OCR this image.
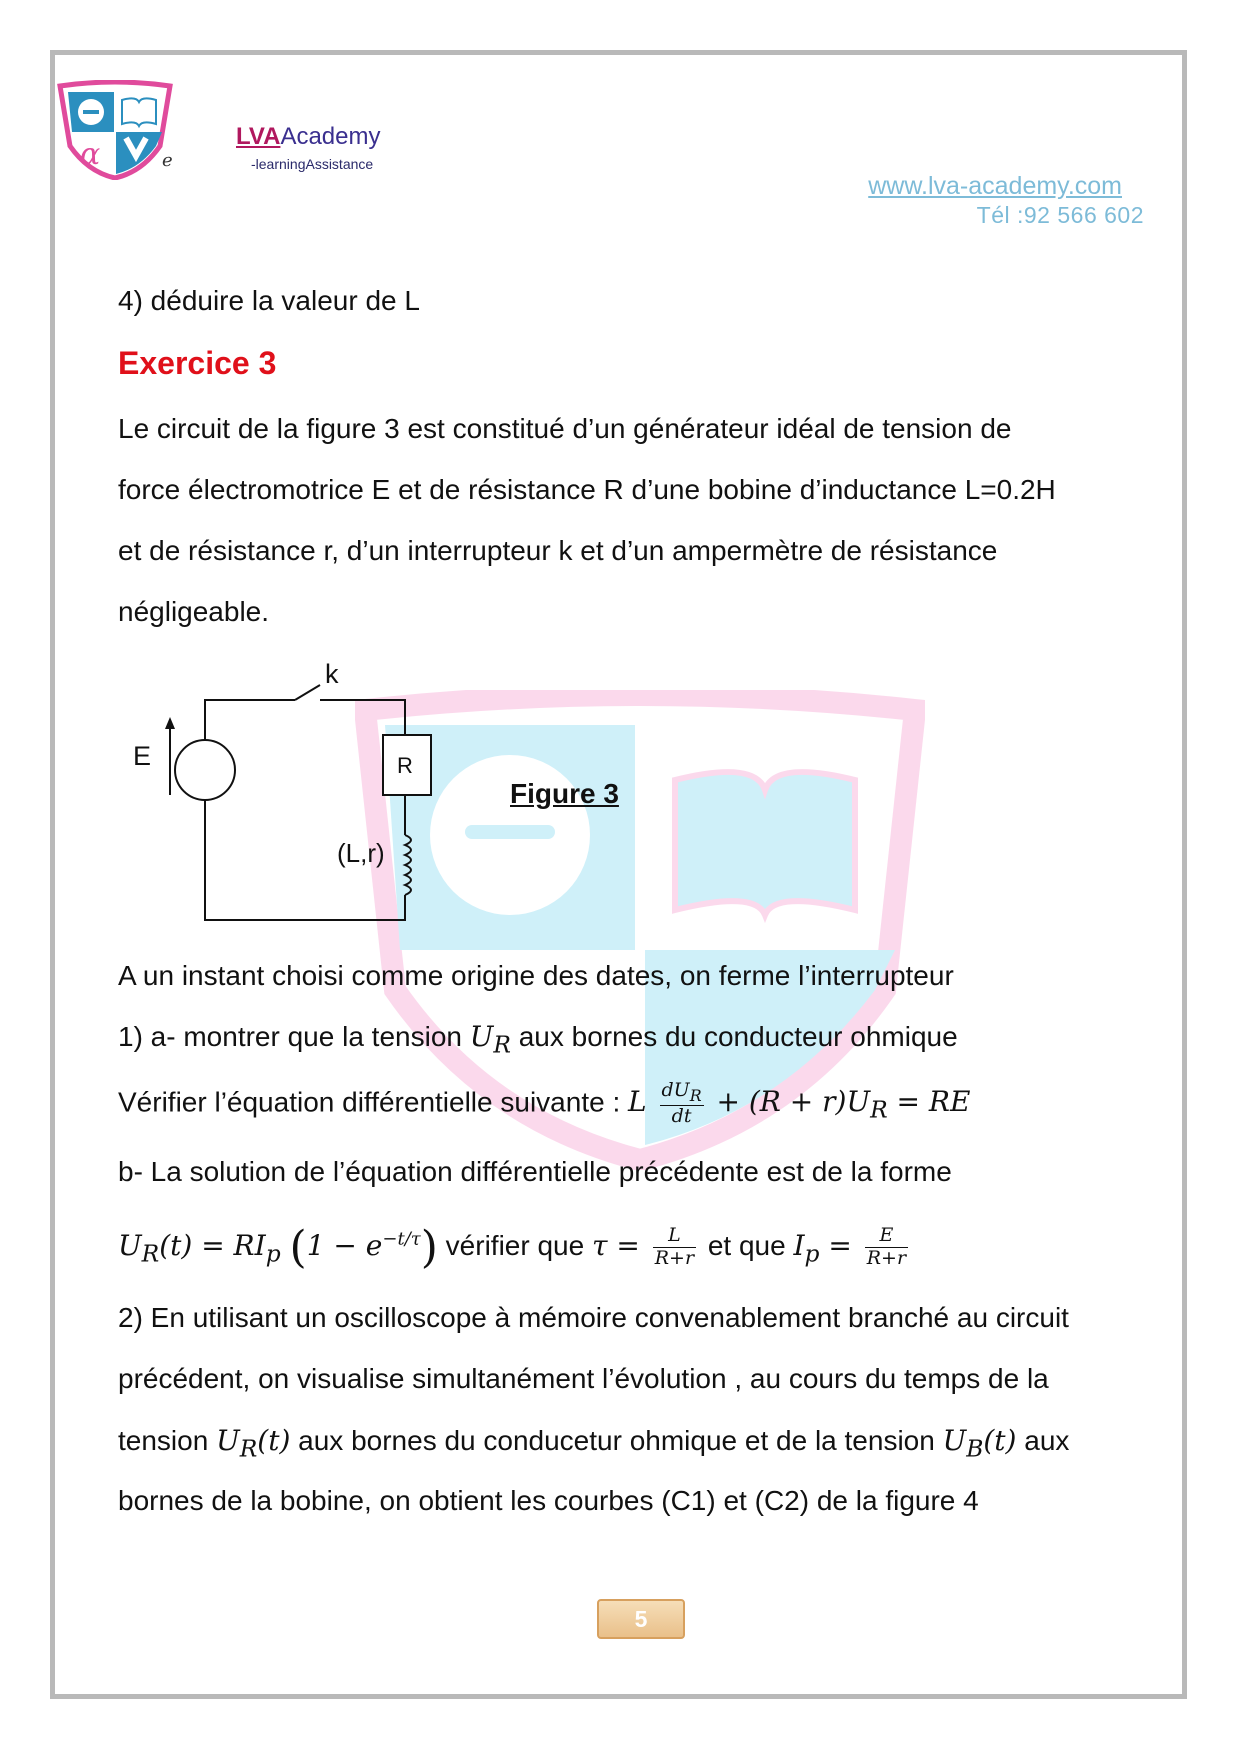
α	e
LVAAcademy
-learningAssistance
www.lva-academy.com
Tél :92 566 602
4) déduire la valeur de L
Exercice 3
Le circuit de la figure 3 est constitué d’un générateur idéal de tension de
force électromotrice E et de résistance R d’une bobine d’inductance L=0.2H
et de résistance r, d’un interrupteur k et d’un ampermètre de résistance
négligeable.
k
E	R
(L,r)
Figure 3
A un instant choisi comme origine des dates, on ferme l’interrupteur
1) a- montrer que la tension $U_R$ aux bornes du conducteur ohmique
Vérifier l’équation différentielle suivante : L $\frac{dU_R}{dt} + (R + r)U_R$ = RE
b- La solution de l’équation différentielle précédente est de la forme
$U_R(t) = RI_p$ $(1 - e^{-t/\tau})$ vérifier que $\tau = \frac{L}{R+r}$ et que $I_p = \frac{E}{R+r}$
2) En utilisant un oscilloscope à mémoire convenablement branché au circuit
précédent, on visualise simultanément l’évolution , au cours du temps de la
tension $U_R(t)$ aux bornes du conducetur ohmique et de la tension $U_B(t)$ aux
bornes de la bobine, on obtient les courbes (C1) et (C2) de la figure 4
5
